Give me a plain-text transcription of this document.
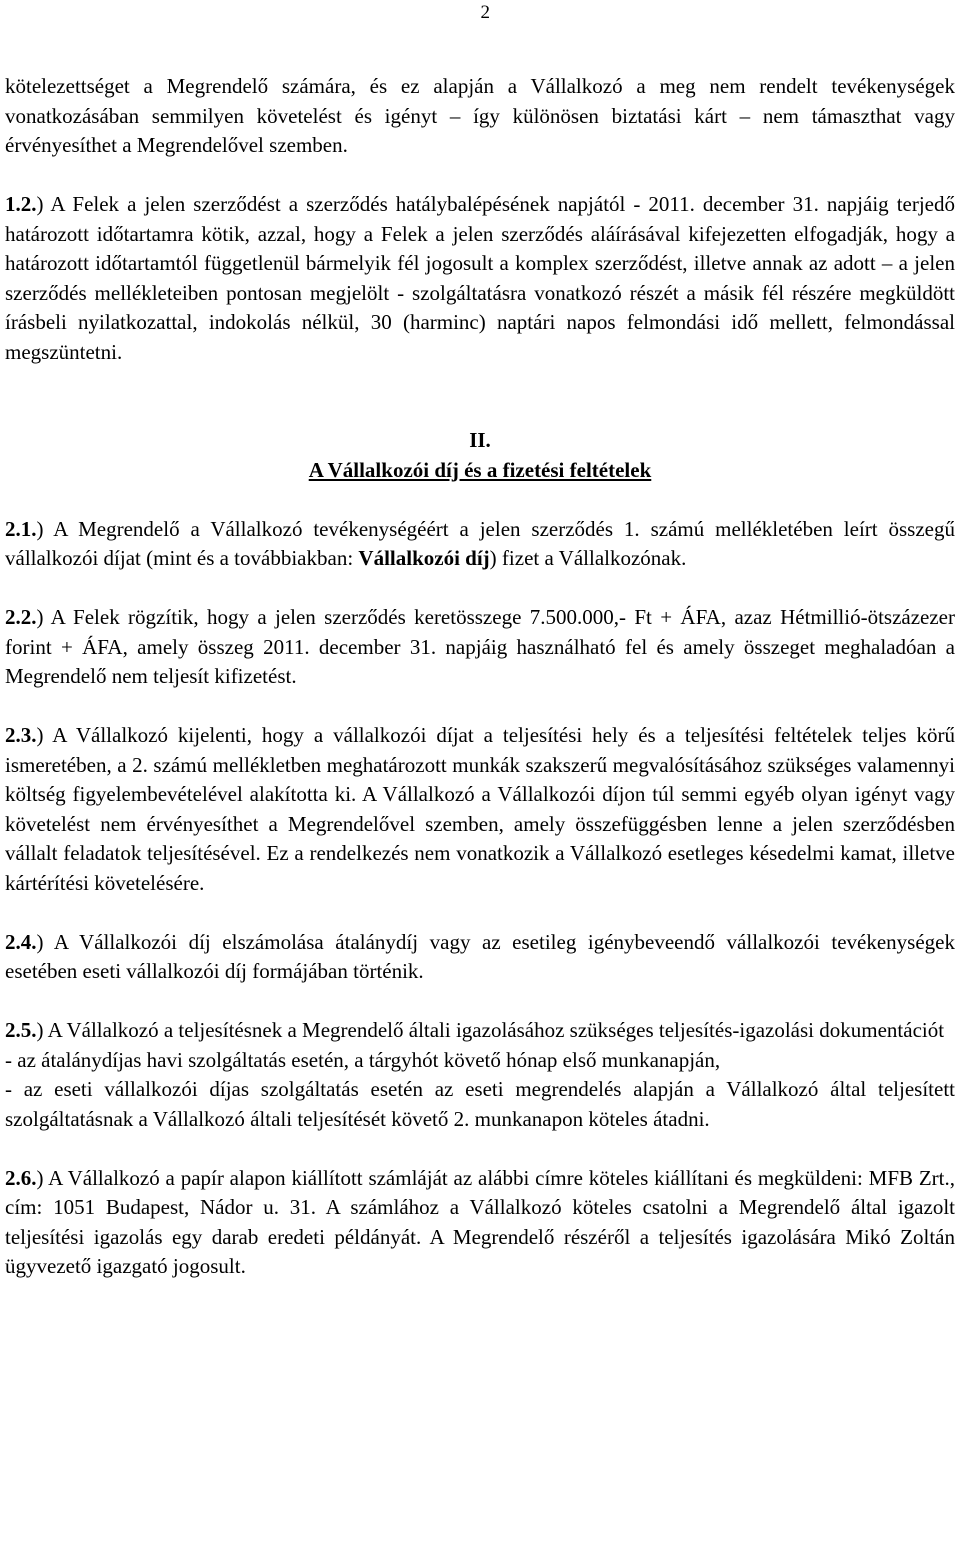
2

kötelezettséget a Megrendelő számára, és ez alapján a Vállalkozó a meg nem rendelt tevékenységek vonatkozásában semmilyen követelést és igényt – így különösen biztatási kárt – nem támaszthat vagy érvényesíthet a Megrendelővel szemben.

1.2.) A Felek a jelen szerződést a szerződés hatálybalépésének napjától - 2011. december 31. napjáig terjedő határozott időtartamra kötik, azzal, hogy a Felek a jelen szerződés aláírásával kifejezetten elfogadják, hogy a határozott időtartamtól függetlenül bármelyik fél jogosult a komplex szerződést, illetve annak az adott – a jelen szerződés mellékleteiben pontosan megjelölt - szolgáltatásra vonatkozó részét a másik fél részére megküldött írásbeli nyilatkozattal, indokolás nélkül, 30 (harminc) naptári napos felmondási idő mellett, felmondással megszüntetni.

II.
A Vállalkozói díj és a fizetési feltételek

2.1.) A Megrendelő a Vállalkozó tevékenységéért a jelen szerződés 1. számú mellékletében leírt összegű vállalkozói díjat (mint és a továbbiakban: Vállalkozói díj) fizet a Vállalkozónak.

2.2.) A Felek rögzítik, hogy a jelen szerződés keretösszege 7.500.000,- Ft + ÁFA, azaz Hétmillió-ötszázezer forint + ÁFA, amely összeg 2011. december 31. napjáig használható fel és amely összeget meghaladóan a Megrendelő nem teljesít kifizetést.

2.3.) A Vállalkozó kijelenti, hogy a vállalkozói díjat a teljesítési hely és a teljesítési feltételek teljes körű ismeretében, a 2. számú mellékletben meghatározott munkák szakszerű megvalósításához szükséges valamennyi költség figyelembevételével alakította ki. A Vállalkozó a Vállalkozói díjon túl semmi egyéb olyan igényt vagy követelést nem érvényesíthet a Megrendelővel szemben, amely összefüggésben lenne a jelen szerződésben vállalt feladatok teljesítésével. Ez a rendelkezés nem vonatkozik a Vállalkozó esetleges késedelmi kamat, illetve kártérítési követelésére.

2.4.) A Vállalkozói díj elszámolása átalánydíj vagy az esetileg igénybeveendő vállalkozói tevékenységek esetében eseti vállalkozói díj formájában történik.

2.5.) A Vállalkozó a teljesítésnek a Megrendelő általi igazolásához szükséges teljesítés-igazolási dokumentációt

- az átalánydíjas havi szolgáltatás esetén, a tárgyhót követő hónap első munkanapján,

- az eseti vállalkozói díjas szolgáltatás esetén az eseti megrendelés alapján a Vállalkozó által teljesített szolgáltatásnak a Vállalkozó általi teljesítését követő 2. munkanapon köteles átadni.

2.6.) A Vállalkozó a papír alapon kiállított számláját az alábbi címre köteles kiállítani és megküldeni: MFB Zrt., cím: 1051 Budapest, Nádor u. 31. A számlához a Vállalkozó köteles csatolni a Megrendelő által igazolt teljesítési igazolás egy darab eredeti példányát. A Megrendelő részéről a teljesítés igazolására Mikó Zoltán ügyvezető igazgató jogosult.
